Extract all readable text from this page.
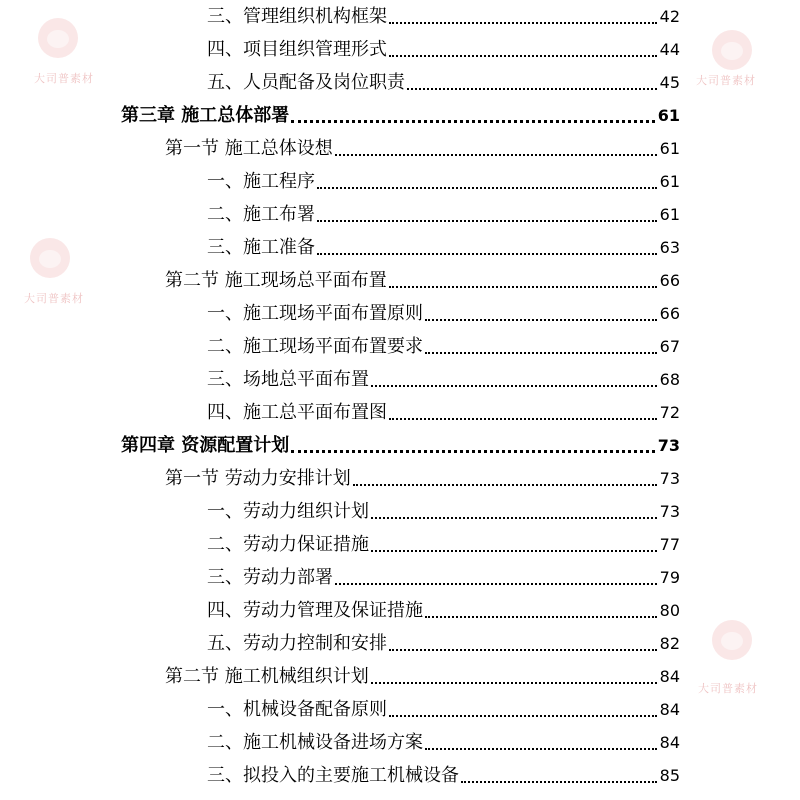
大司普素材	大司普素材
大司普素材
大司普素材
三、管理组织机构框架	42
四、项目组织管理形式	44
五、人员配备及岗位职责	45
第三章 施工总体部署	61
第一节 施工总体设想	61
一、施工程序	61
二、施工布署	61
三、施工准备	63
第二节 施工现场总平面布置	66
一、施工现场平面布置原则	66
二、施工现场平面布置要求	67
三、场地总平面布置	68
四、施工总平面布置图	72
第四章 资源配置计划	73
第一节 劳动力安排计划	73
一、劳动力组织计划	73
二、劳动力保证措施	77
三、劳动力部署	79
四、劳动力管理及保证措施	80
五、劳动力控制和安排	82
第二节 施工机械组织计划	84
一、机械设备配备原则	84
二、施工机械设备进场方案	84
三、拟投入的主要施工机械设备	85
